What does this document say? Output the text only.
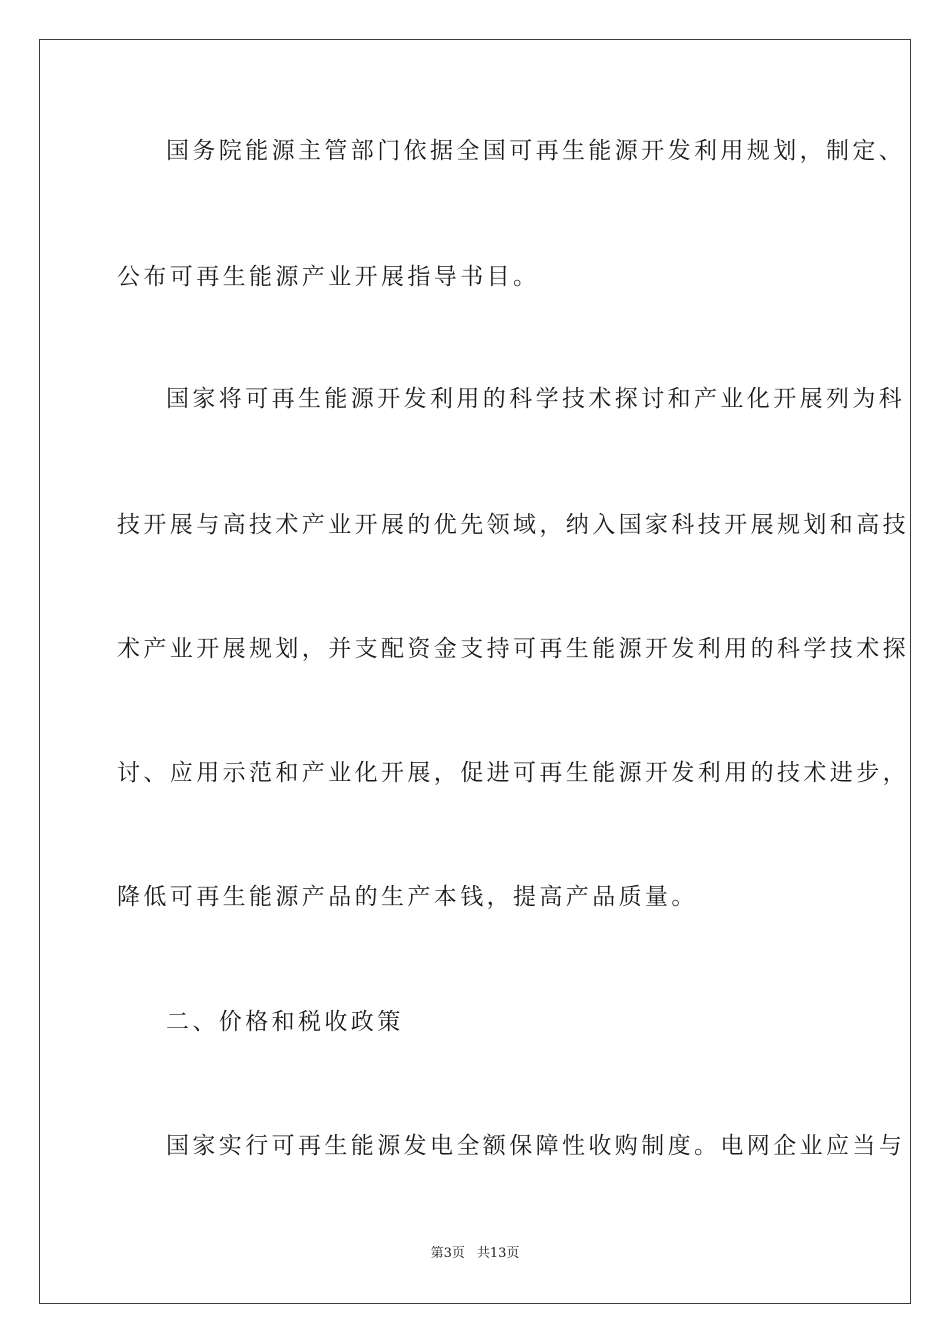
国务院能源主管部门依据全国可再生能源开发利用规划，制定、
公布可再生能源产业开展指导书目。
国家将可再生能源开发利用的科学技术探讨和产业化开展列为科
技开展与高技术产业开展的优先领域，纳入国家科技开展规划和高技
术产业开展规划，并支配资金支持可再生能源开发利用的科学技术探
讨、应用示范和产业化开展，促进可再生能源开发利用的技术进步，
降低可再生能源产品的生产本钱，提高产品质量。
二、价格和税收政策
国家实行可再生能源发电全额保障性收购制度。电网企业应当与
第3页 共13页
